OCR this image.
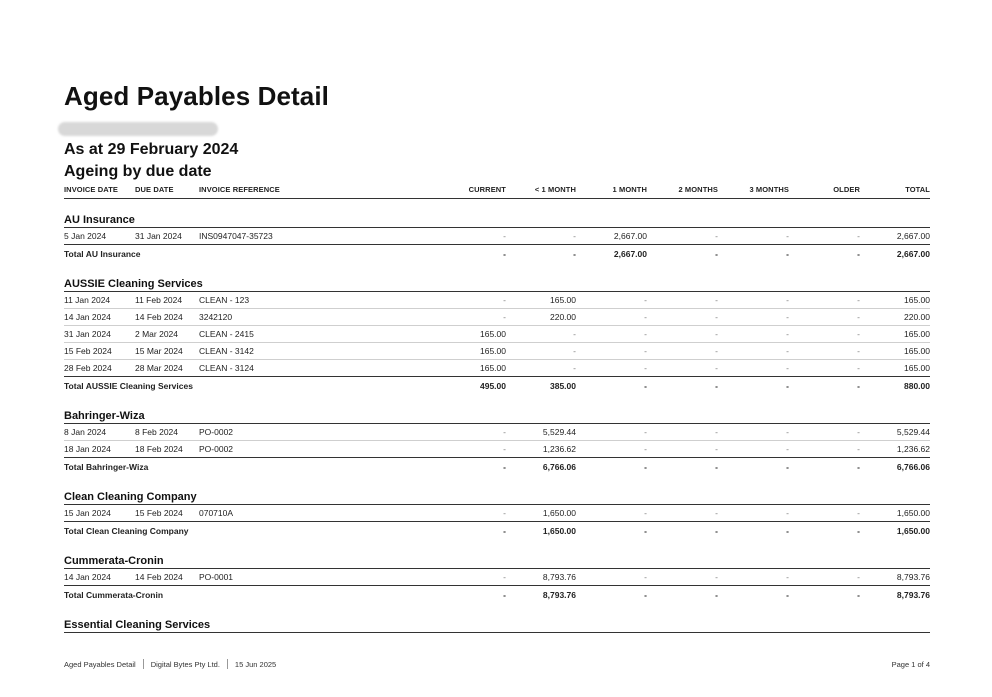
Aged Payables Detail
As at 29 February 2024
Ageing by due date
INVOICE DATE	DUE DATE	INVOICE REFERENCE	CURRENT	< 1 MONTH	1 MONTH	2 MONTHS	3 MONTHS	OLDER	TOTAL
AU Insurance
5 Jan 2024	31 Jan 2024	INS0947047-35723	-	-	2,667.00	-	-	-	2,667.00
Total AU Insurance	-	-	2,667.00	-	-	-	2,667.00
AUSSIE Cleaning Services
11 Jan 2024	11 Feb 2024	CLEAN - 123	-	165.00	-	-	-	-	165.00
14 Jan 2024	14 Feb 2024	3242120	-	220.00	-	-	-	-	220.00
31 Jan 2024	2 Mar 2024	CLEAN - 2415	165.00	-	-	-	-	-	165.00
15 Feb 2024	15 Mar 2024	CLEAN - 3142	165.00	-	-	-	-	-	165.00
28 Feb 2024	28 Mar 2024	CLEAN - 3124	165.00	-	-	-	-	-	165.00
Total AUSSIE Cleaning Services	495.00	385.00	-	-	-	-	880.00
Bahringer-Wiza
8 Jan 2024	8 Feb 2024	PO-0002	-	5,529.44	-	-	-	-	5,529.44
18 Jan 2024	18 Feb 2024	PO-0002	-	1,236.62	-	-	-	-	1,236.62
Total Bahringer-Wiza	-	6,766.06	-	-	-	-	6,766.06
Clean Cleaning Company
15 Jan 2024	15 Feb 2024	070710A	-	1,650.00	-	-	-	-	1,650.00
Total Clean Cleaning Company	-	1,650.00	-	-	-	-	1,650.00
Cummerata-Cronin
14 Jan 2024	14 Feb 2024	PO-0001	-	8,793.76	-	-	-	-	8,793.76
Total Cummerata-Cronin	-	8,793.76	-	-	-	-	8,793.76
Essential Cleaning Services
Aged Payables Detail Digital Bytes Pty Ltd. 15 Jun 2025	Page 1 of 4
